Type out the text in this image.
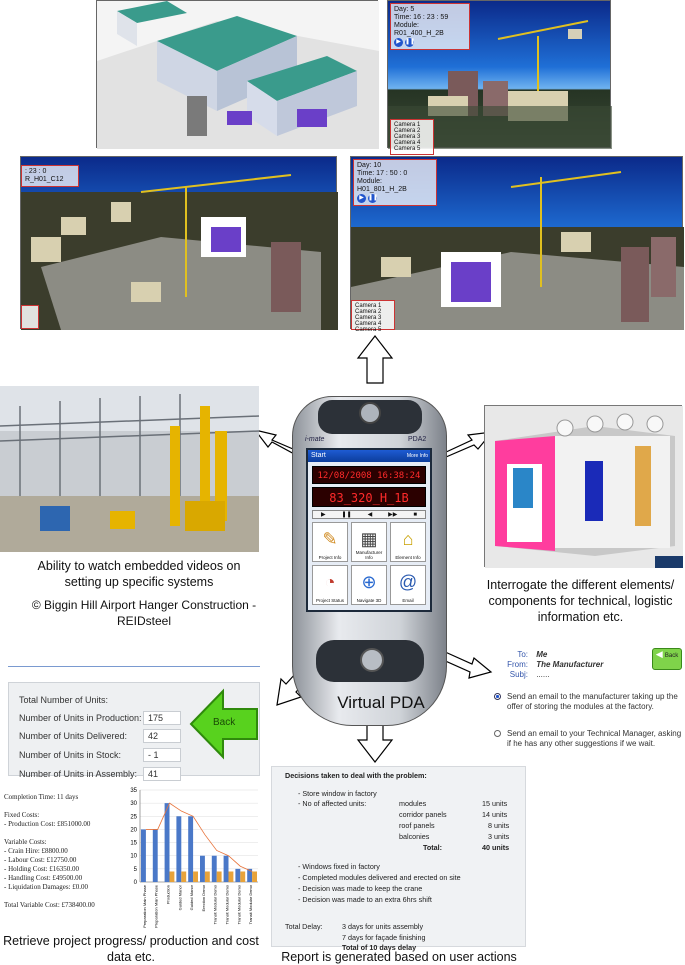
Day: 5
Time: 16 : 23 : 59
Module: R01_400_H_2B
▶ ❚❚
Camera 1
Camera 2
Camera 3
Camera 4
Camera 5
: 23 : 0
R_H01_C12
Day: 10
Time: 17 : 50 : 0
Module: H01_801_H_2B
▶ ❚❚
Camera 1
Camera 2
Camera 3
Camera 4
Camera 5
Ability to watch embedded videos on setting up specific systems
© Biggin Hill Airport Hanger Construction - REIDsteel
i-mate	PDA2
Start	More Info
12/08/2008 16:38:24
83_320_H_1B
▶	❚❚	◀	▶▶	■
✎
Project Info
▦
Manufacturer Info
⌂
Element Info
◔
Project Status
⊕
Navigate 3D
@
Email
Virtual PDA
Interrogate the different elements/ components for technical, logistic information etc.
To: Me
From: The Manufacturer
Subj: ......
◀ Back
Send an email to the manufacturer taking up the offer of storing the modules at the factory.
Send an email to your Technical Manager, asking if he has any other suggestions if we wait.
Total Number of Units:
Number of Units in Production: 175
Number of Units Delivered:	42
Number of Units in Stock:	- 1
Number of Units in Assembly:	41
Back
Completion Time: 11 days
Fixed Costs:
- Production Cost: £851000.00
Variable Costs:
- Crain Hire: £8800.00
- Labour Cost: £12750.00
- Holding Cost: £16350.00
- Handling Cost: £49500.00
- Liquidation Damages: £0.00
Total Variable Cost: £738400.00
0
5
10
15
20
25
30
35
Preparation Main Phase Preparation Main Phase Production Guided Manor Guided Manor Erection Demo Transit Modular Demo Transit Modular Demo Transit Modular Demo Transit Modular Demo
Retrieve project progress/ production and cost data etc.
Decisions taken to deal with the problem:
- Store window in factory
- No of affected units:	modules	15 units
corridor panels	14 units
roof panels	8 units
balconies	3 units
Total:	40 units
- Windows fixed in factory
- Completed modules delivered and erected on site
- Decision was made to keep the crane
- Decision was made to an extra 6hrs shift
Total Delay:	3 days for units assembly
7 days for façade finishing
Total of 10 days delay
Report is generated based on user actions
